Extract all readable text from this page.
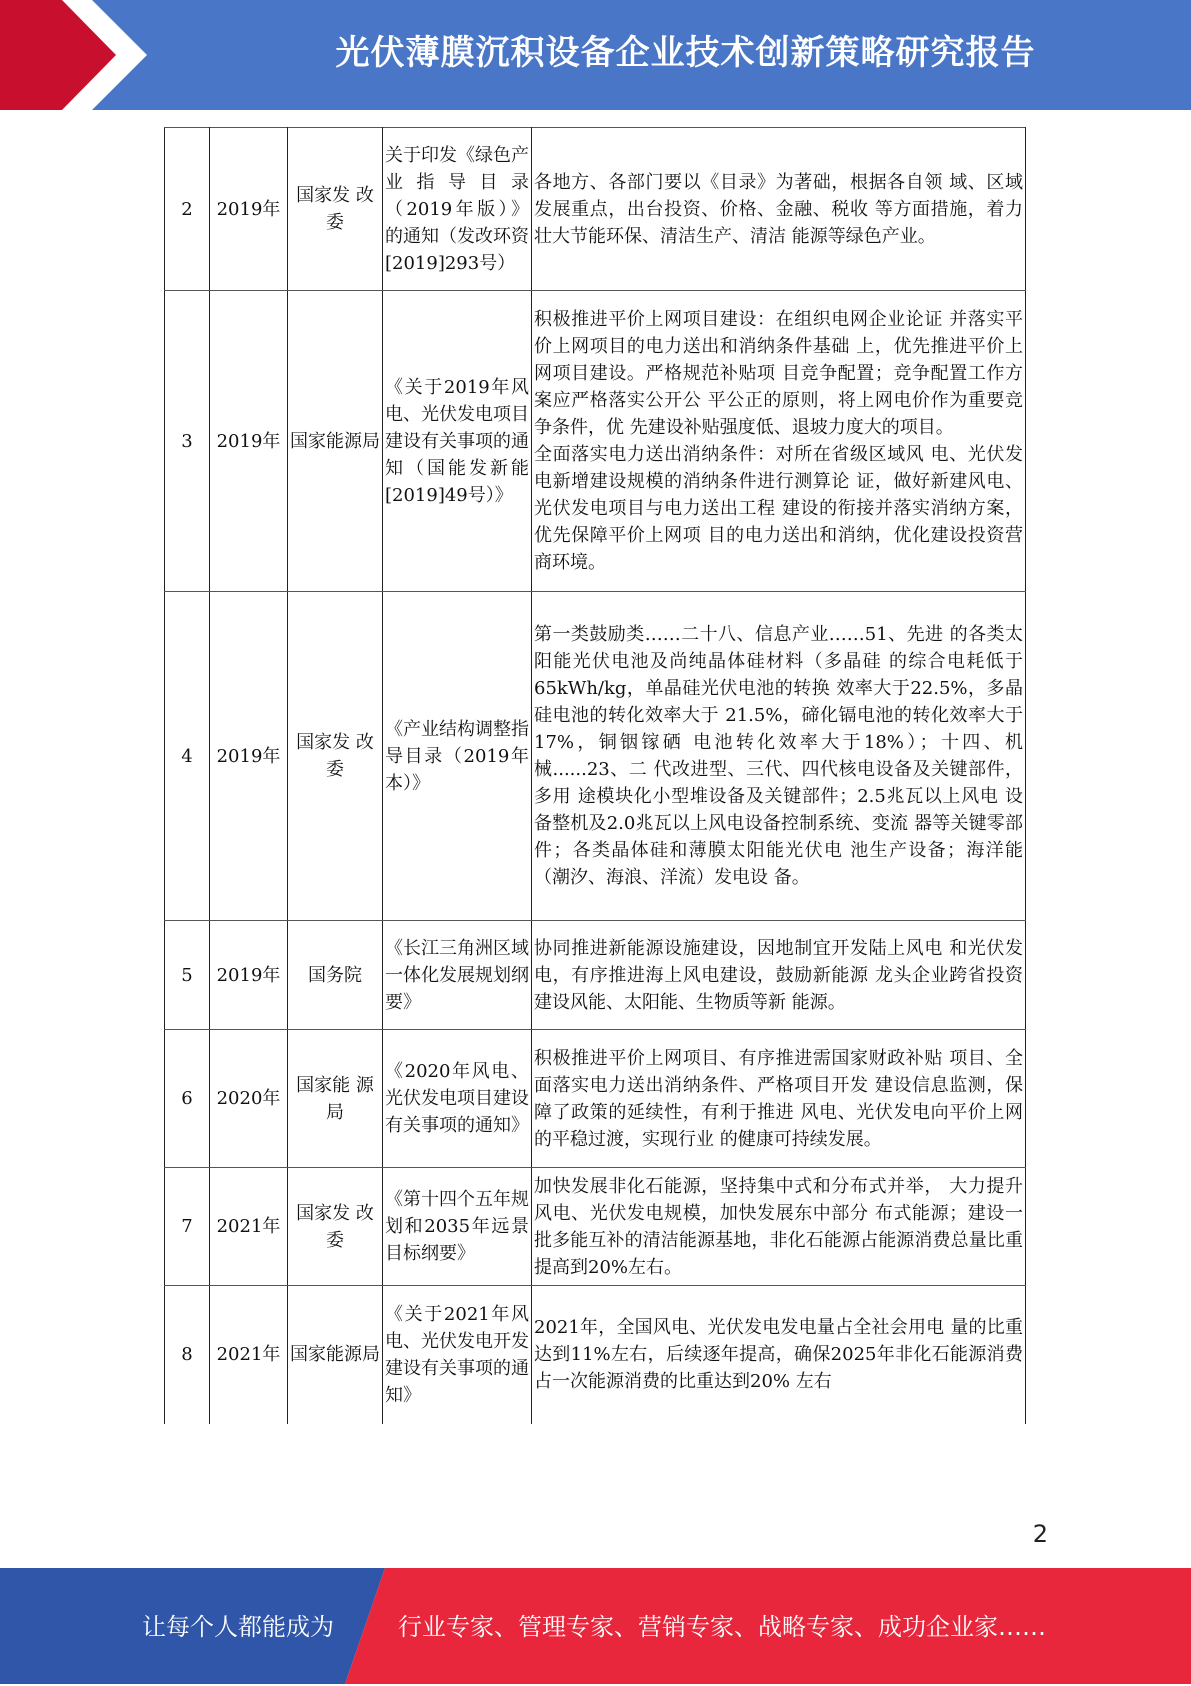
光伏薄膜沉积设备企业技术创新策略研究报告
2	2019年	国家发 改委	关于印发《绿色产业指导目录（2019年版）》的通知（发改环资[2019]293号）	各地方、各部门要以《目录》为著础，根据各自领 域、区域发展重点，出台投资、价格、金融、税收 等方面措施，着力壮大节能环保、清洁生产、清洁 能源等绿色产业。
3	2019年	国家能源局	《关于2019年风电、光伏发电项目建设有关事项的通知（国能发新能[2019]49号）》	积极推进平价上网项目建设：在组织电网企业论证 并落实平价上网项目的电力送出和消纳条件基础 上，优先推进平价上网项目建设。严格规范补贴项 目竞争配置；竞争配置工作方案应严格落实公开公 平公正的原则，将上网电价作为重要竞争条件，优 先建设补贴强度低、退坡力度大的项目。
全面落实电力送出消纳条件：对所在省级区域风 电、光伏发电新增建设规模的消纳条件进行测算论 证，做好新建风电、光伏发电项目与电力送出工程 建设的衔接并落实消纳方案，优先保障平价上网项 目的电力送出和消纳，优化建设投资营商环境。
4	2019年	国家发 改委	《产业结构调整指导目录（2019年本）》	第一类鼓励类……二十八、信息产业……51、先进 的各类太阳能光伏电池及尚纯晶体硅材料（多晶硅 的综合电耗低于65kWh/kg，单晶硅光伏电池的转换 效率大于22.5%，多晶硅电池的转化效率大于 21.5%，碲化镉电池的转化效率大于17%，铜铟镓硒 电池转化效率大于18%）；十四、机械......23、二 代改进型、三代、四代核电设备及关键部件，多用 途模块化小型堆设备及关键部件；2.5兆瓦以上风电 设备整机及2.0兆瓦以上风电设备控制系统、变流 器等关键零部件；各类晶体硅和薄膜太阳能光伏电 池生产设备；海洋能（潮汐、海浪、洋流）发电设 备。
5	2019年	国务院	《长江三角洲区域一体化发展规划纲要》	协同推进新能源设施建设，因地制宜开发陆上风电 和光伏发电，有序推进海上风电建设，鼓励新能源 龙头企业跨省投资建设风能、太阳能、生物质等新 能源。
6	2020年	国家能 源局	《2020年风电、光伏发电项目建设有关事项的通知》	积极推进平价上网项目、有序推进需国家财政补贴 项目、全面落实电力送出消纳条件、严格项目开发 建设信息监测，保障了政策的延续性，有利于推进 风电、光伏发电向平价上网的平稳过渡，实现行业 的健康可持续发展。
7	2021年	国家发 改委	《第十四个五年规划和2035年远景目标纲要》	加快发展非化石能源，坚持集中式和分布式并举， 大力提升风电、光伏发电规模，加快发展东中部分 布式能源；建设一批多能互补的清洁能源基地，非化石能源占能源消费总量比重提高到20%左右。
8	2021年	国家能源局	《关于2021年风电、光伏发电开发建设有关事项的通 知》	2021年，全国风电、光伏发电发电量占全社会用电 量的比重达到11%左右，后续逐年提高，确保2025年非化石能源消费占一次能源消费的比重达到20% 左右
2
让每个人都能成为	行业专家、管理专家、营销专家、战略专家、成功企业家……
